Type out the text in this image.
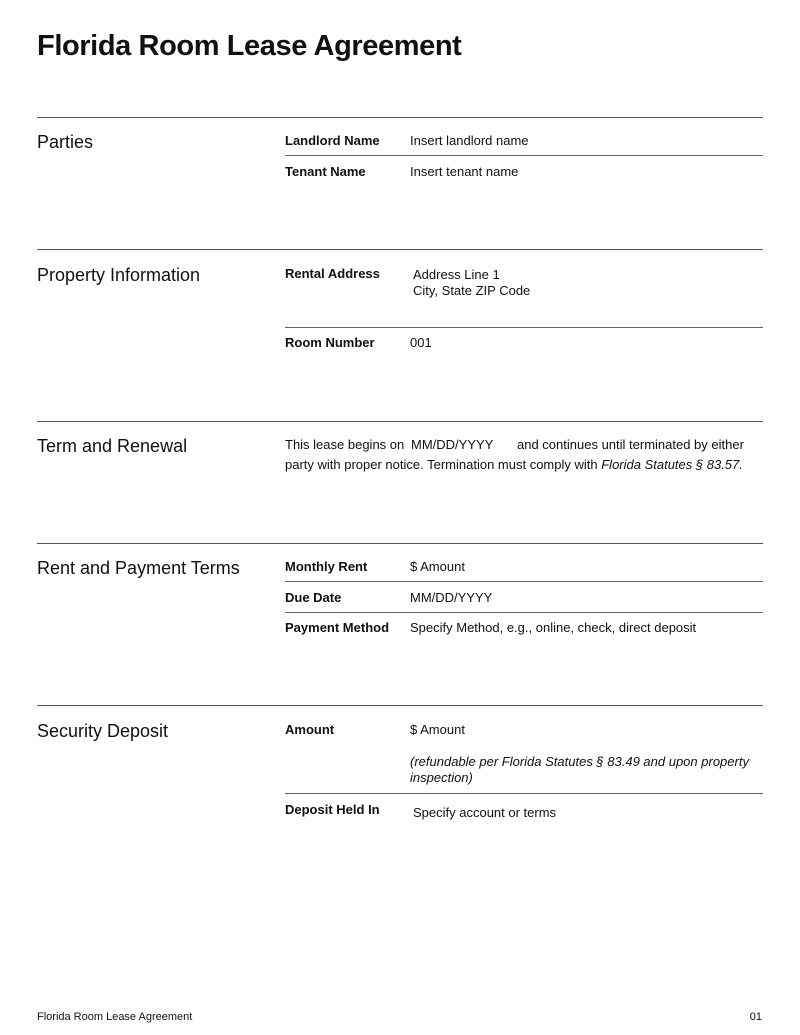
Florida Room Lease Agreement
Parties	Landlord Name Insert landlord name
Tenant Name	Insert tenant name
Property Information	Rental Address	Address Line 1
City, State ZIP Code
Room Number	001
Term and Renewal	This lease begins on MM/DD/YYYY and continues until terminated by either
party with proper notice. Termination must comply with Florida Statutes § 83.57.
Rent and Payment Terms	Monthly Rent	$ Amount
Due Date	MM/DD/YYYY
Payment Method Specify Method, e.g., online, check, direct deposit
Security Deposit	Amount	$ Amount
(refundable per Florida Statutes § 83.49 and upon property
inspection)
Deposit Held In	Specify account or terms
Florida Room Lease Agreement	01
